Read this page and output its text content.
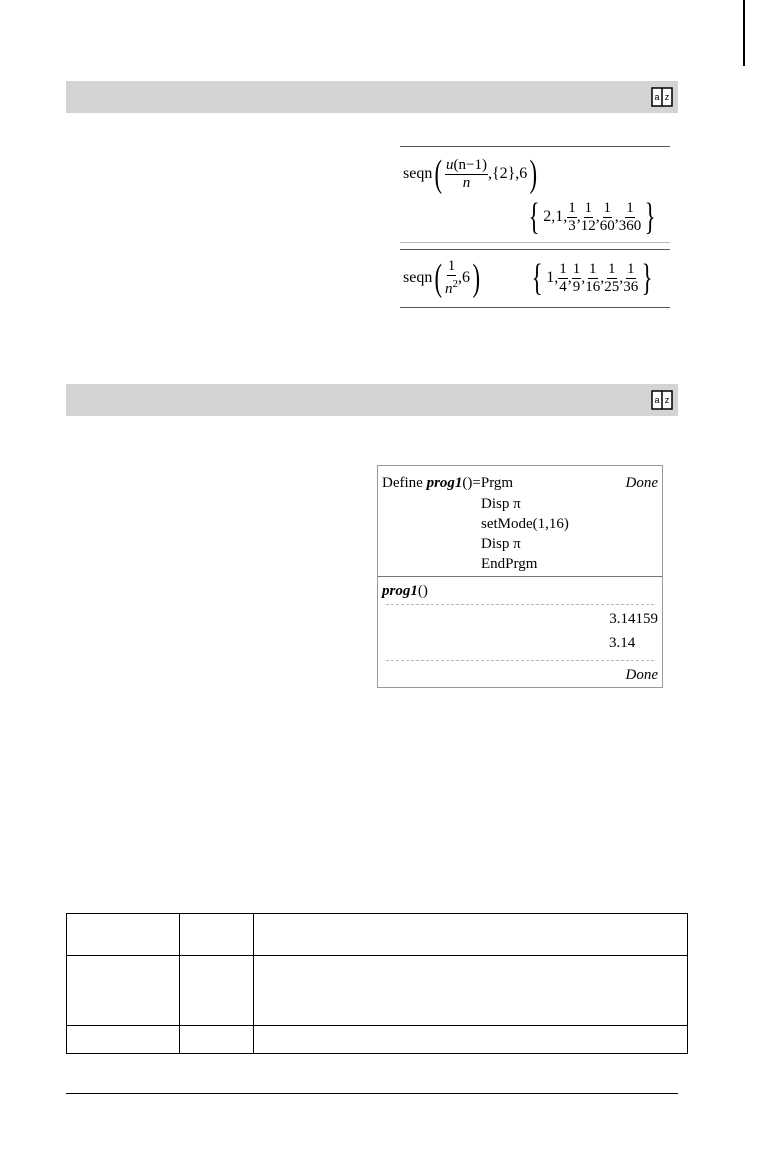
a z
seqn ( $\frac{u(n-1)}{n} ,\{2\},6$ )
{ 2,1, $\frac{1}{3}$ , $\frac{1}{12}$ , $\frac{1}{60}$ , $\frac{1}{360}$ }
seqn ( $\frac{1}{n^2} ,6$ ) { 1, $\frac{1}{4}$ , $\frac{1}{9}$ , $\frac{1}{16}$ , $\frac{1}{25}$ , $\frac{1}{36}$ }
a z
Define prog1()=Prgm	Done
Disp π
setMode(1,16)
Disp π
EndPrgm
prog1()
3.14159
3.14
Done
